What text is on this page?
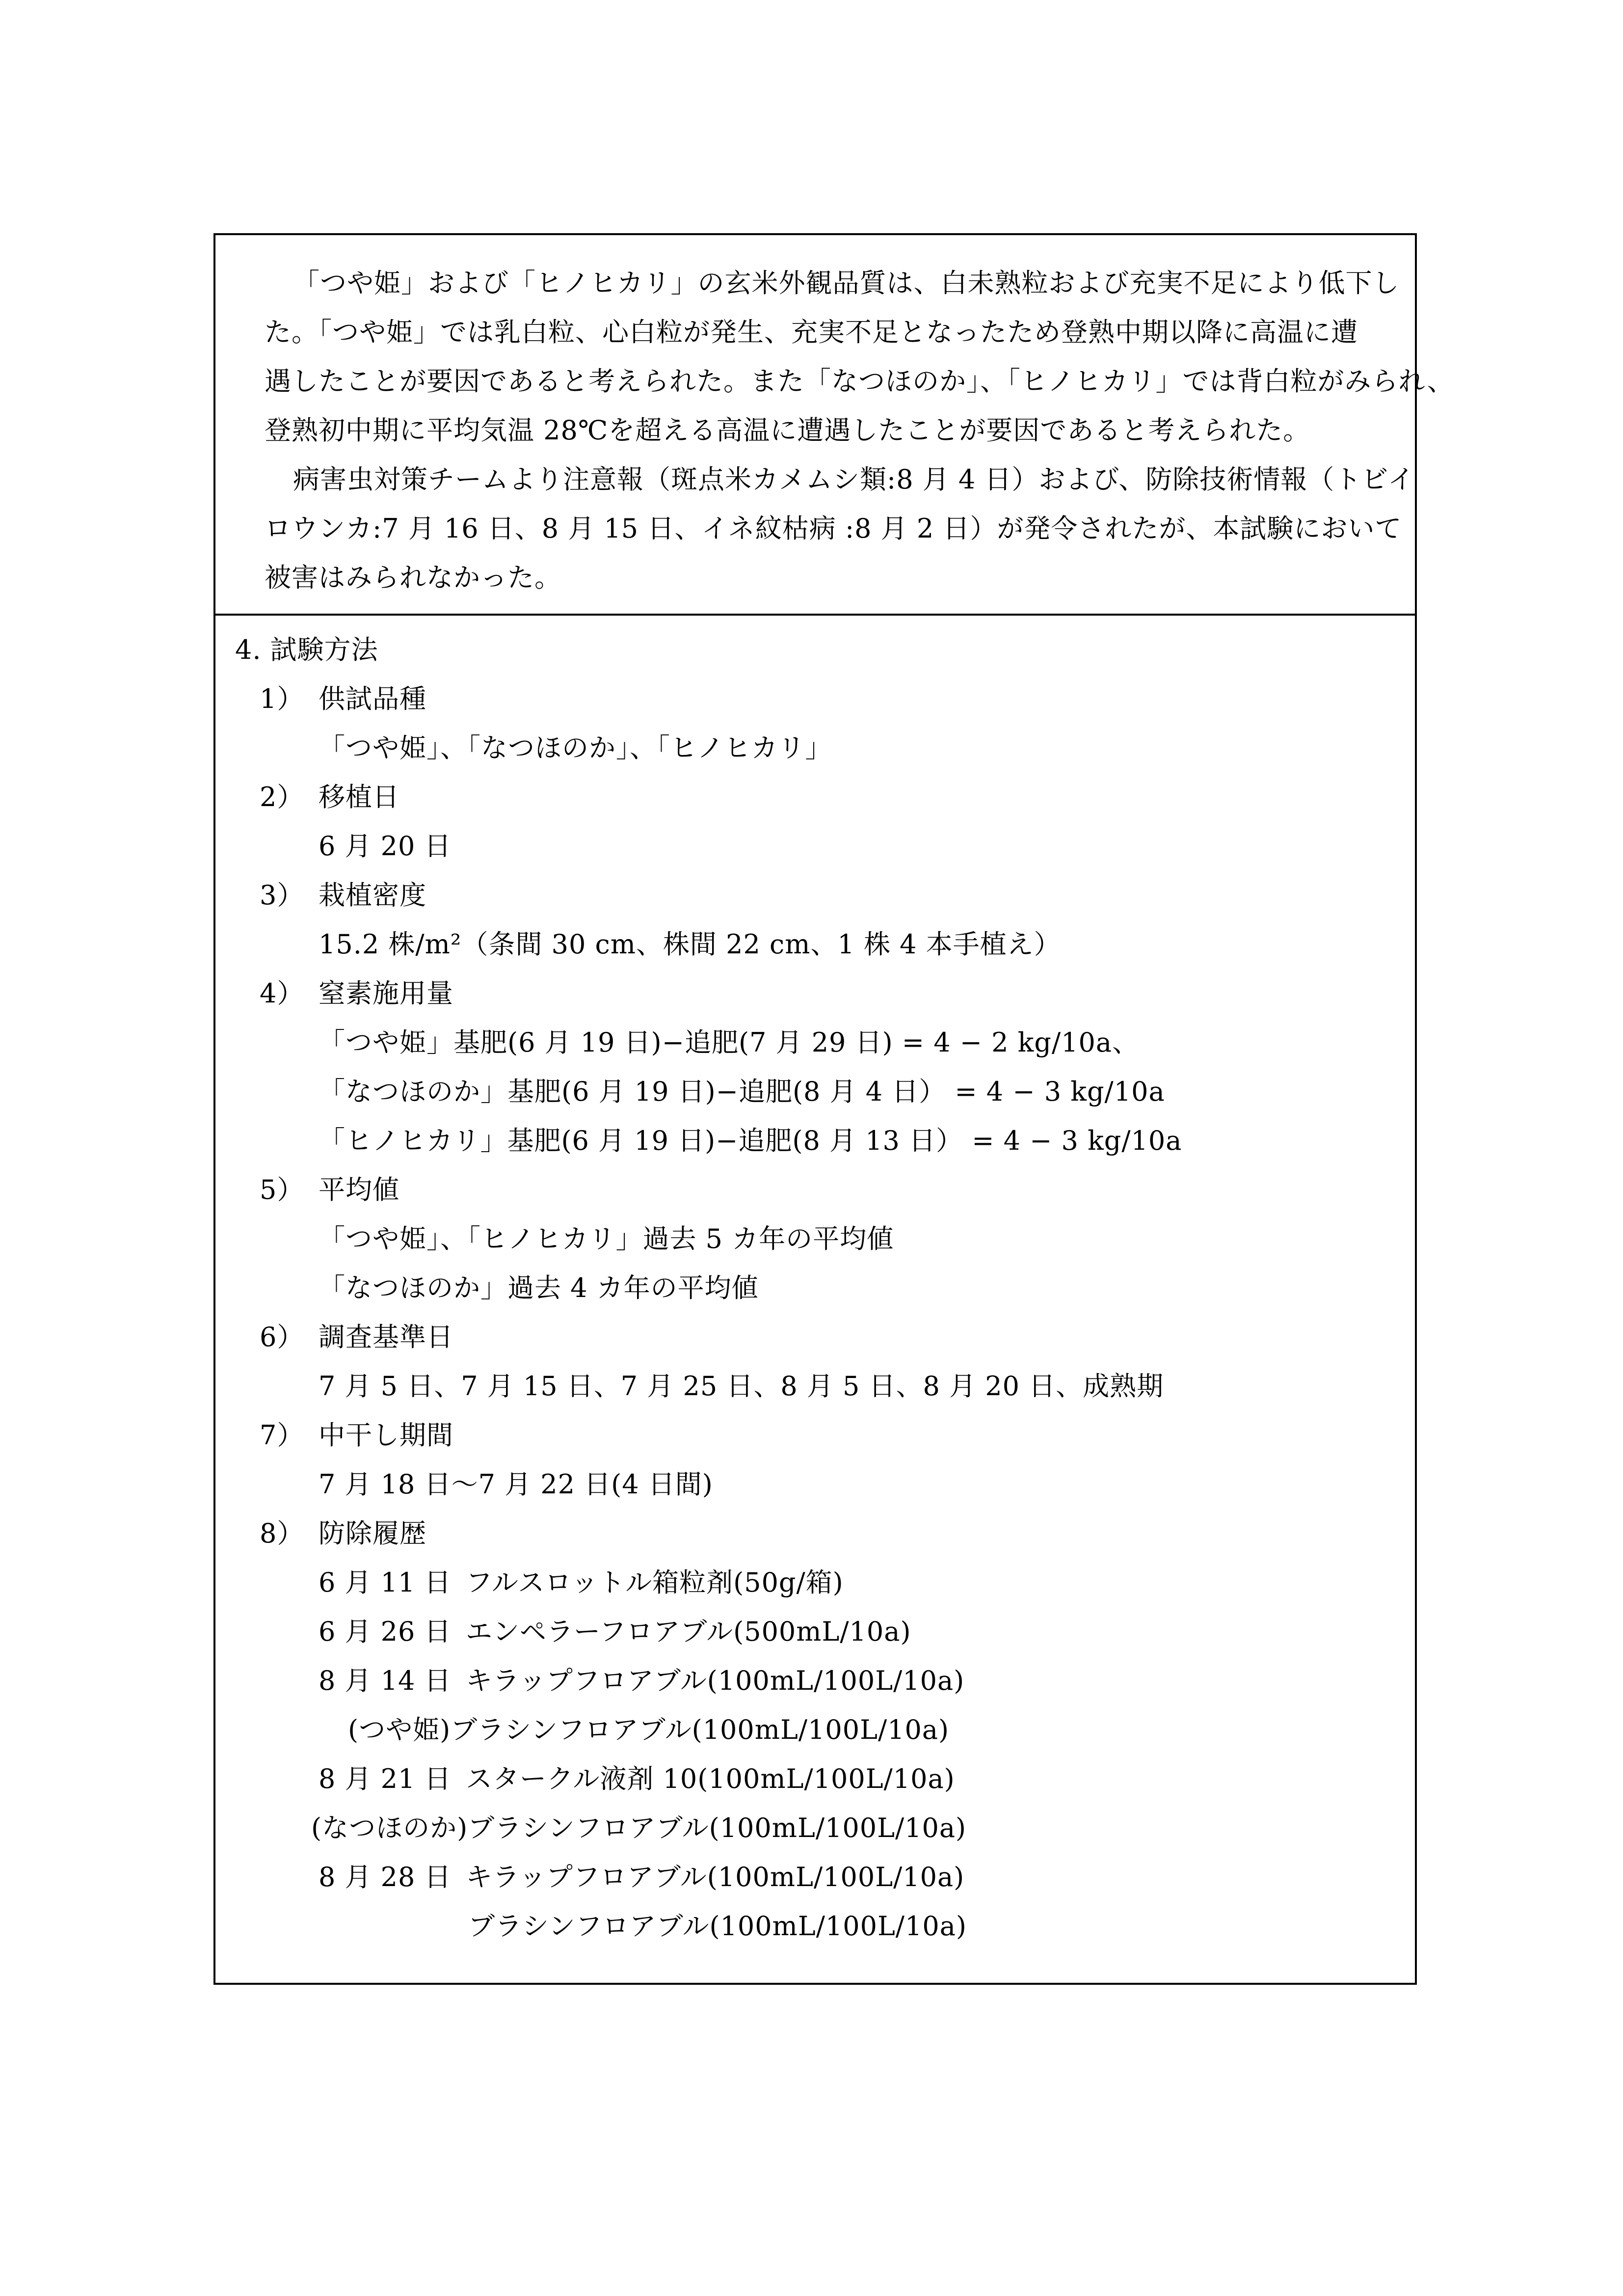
「つや姫」および「ヒノヒカリ」の玄米外観品質は、白未熟粒および充実不足により低下し
た。「つや姫」では乳白粒、心白粒が発生、充実不足となったため登熟中期以降に高温に遭
遇したことが要因であると考えられた。また「なつほのか」、「ヒノヒカリ」では背白粒がみられ、
登熟初中期に平均気温 28℃を超える高温に遭遇したことが要因であると考えられた。
病害虫対策チームより注意報（斑点米カメムシ類:8 月 4 日）および、防除技術情報（トビイ
ロウンカ:7 月 16 日、8 月 15 日、イネ紋枯病 :8 月 2 日）が発令されたが、本試験において
被害はみられなかった。
4. 試験方法
1） 供試品種
「つや姫」、「なつほのか」、「ヒノヒカリ」
2） 移植日
6 月 20 日
3） 栽植密度
15.2 株/m²（条間 30 cm、株間 22 cm、1 株 4 本手植え）
4） 窒素施用量
「つや姫」基肥(6 月 19 日)−追肥(7 月 29 日) = 4 − 2 kg/10a、
「なつほのか」基肥(6 月 19 日)−追肥(8 月 4 日） = 4 − 3 kg/10a
「ヒノヒカリ」基肥(6 月 19 日)−追肥(8 月 13 日） = 4 − 3 kg/10a
5） 平均値
「つや姫」、「ヒノヒカリ」過去 5 カ年の平均値
「なつほのか」過去 4 カ年の平均値
6） 調査基準日
7 月 5 日、7 月 15 日、7 月 25 日、8 月 5 日、8 月 20 日、成熟期
7） 中干し期間
7 月 18 日〜7 月 22 日(4 日間)
8） 防除履歴
6 月 11 日 フルスロットル箱粒剤(50g/箱)
6 月 26 日 エンペラーフロアブル(500mL/10a)
8 月 14 日 キラップフロアブル(100mL/100L/10a)
(つや姫)ブラシンフロアブル(100mL/100L/10a)
8 月 21 日 スタークル液剤 10(100mL/100L/10a)
(なつほのか)ブラシンフロアブル(100mL/100L/10a)
8 月 28 日 キラップフロアブル(100mL/100L/10a)
ブラシンフロアブル(100mL/100L/10a)
